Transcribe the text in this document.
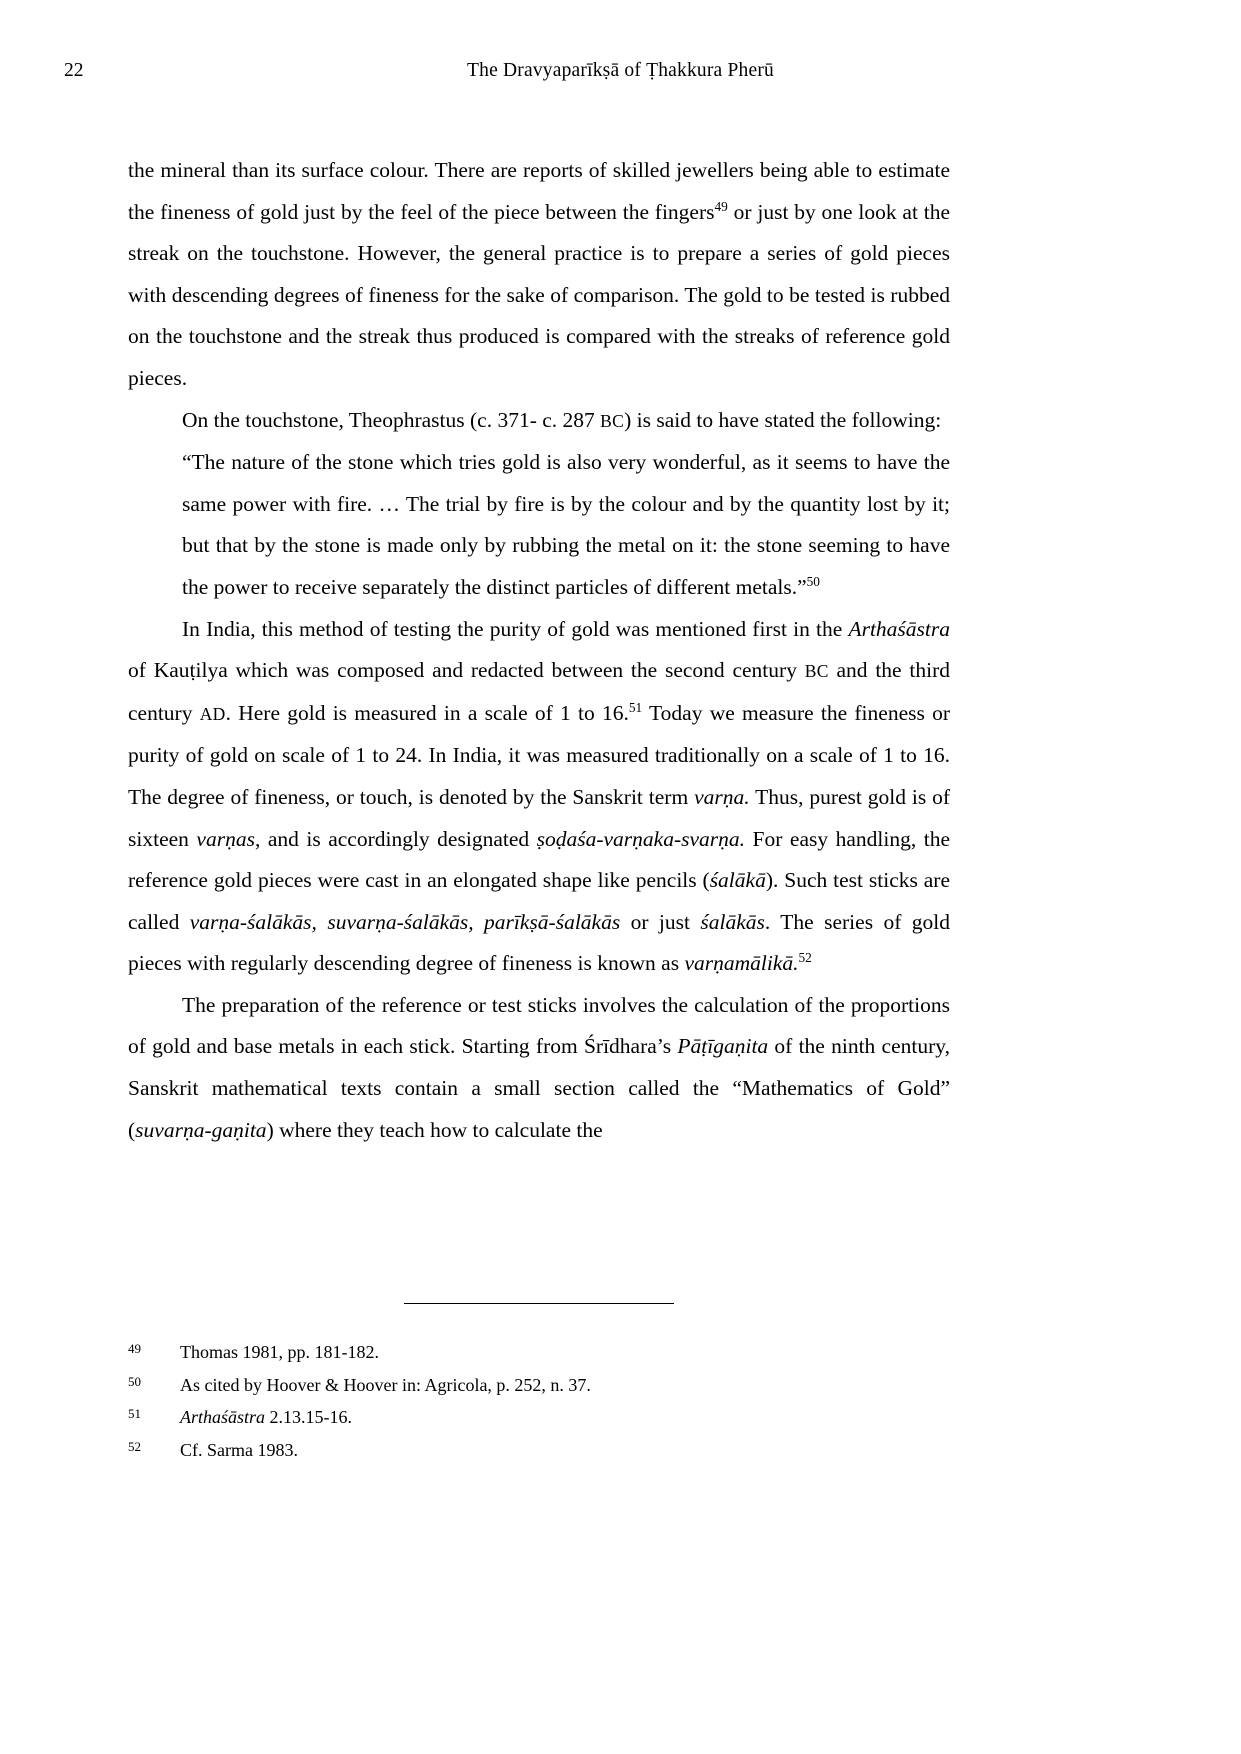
22	The Dravyaparīkṣā of Ṭhakkura Pherū

the mineral than its surface colour. There are reports of skilled jewellers being able to estimate the fineness of gold just by the feel of the piece between the fingers$^{49}$ or just by one look at the streak on the touchstone. However, the general practice is to prepare a series of gold pieces with descending degrees of fineness for the sake of comparison. The gold to be tested is rubbed on the touchstone and the streak thus produced is compared with the streaks of reference gold pieces.

On the touchstone, Theophrastus (c. 371- c. 287 BC) is said to have stated the following:

“The nature of the stone which tries gold is also very wonderful, as it seems to have the same power with fire. … The trial by fire is by the colour and by the quantity lost by it; but that by the stone is made only by rubbing the metal on it: the stone seeming to have the power to receive separately the distinct particles of different metals.”$^{50}$

In India, this method of testing the purity of gold was mentioned first in the Arthaśāstra of Kauṭilya which was composed and redacted between the second century BC and the third century AD. Here gold is measured in a scale of 1 to 16.51 Today we measure the fineness or purity of gold on scale of 1 to 24. In India, it was measured traditionally on a scale of 1 to 16. The degree of fineness, or touch, is denoted by the Sanskrit term varṇa. Thus, purest gold is of sixteen varṇas, and is accordingly designated ṣoḍaśa-varṇaka-svarṇa. For easy handling, the reference gold pieces were cast in an elongated shape like pencils (śalākā). Such test sticks are called varṇa-śalākās, suvarṇa-śalākās, parīkṣā-śalākās or just śalākās. The series of gold pieces with regularly descending degree of fineness is known as varṇamālikā.$^{52}$

The preparation of the reference or test sticks involves the calculation of the proportions of gold and base metals in each stick. Starting from Śrīdhara’s Pāṭīgaṇita of the ninth century, Sanskrit mathematical texts contain a small section called the “Mathematics of Gold” (suvarṇa-gaṇita) where they teach how to calculate the

49 Thomas 1981, pp. 181-182.
50 As cited by Hoover & Hoover in: Agricola, p. 252, n. 37.
51 Arthaśāstra 2.13.15-16.
52 Cf. Sarma 1983.
